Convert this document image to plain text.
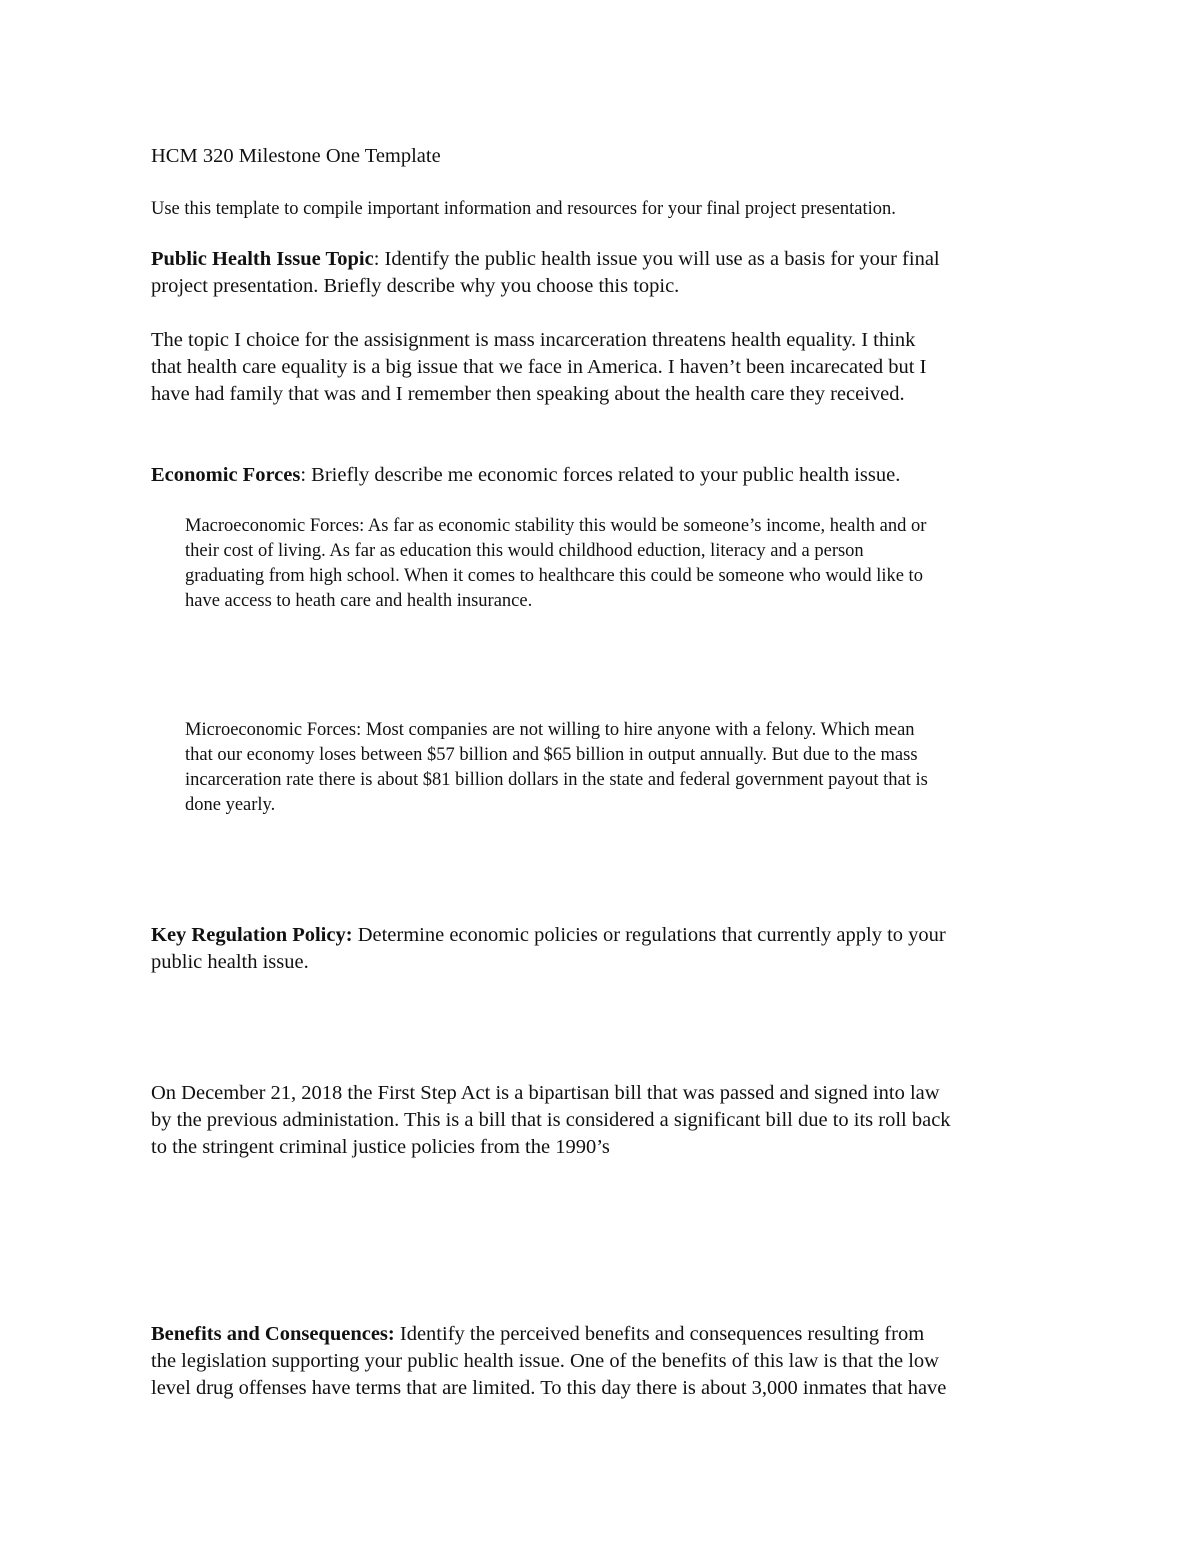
HCM 320 Milestone One Template

Use this template to compile important information and resources for your final project presentation.

Public Health Issue Topic: Identify the public health issue you will use as a basis for your final
project presentation. Briefly describe why you choose this topic.

The topic I choice for the assisignment is mass incarceration threatens health equality. I think
that health care equality is a big issue that we face in America. I haven’t been incarecated but I
have had family that was and I remember then speaking about the health care they received.

Economic Forces: Briefly describe me economic forces related to your public health issue.

Macroeconomic Forces: As far as economic stability this would be someone’s income, health and or
their cost of living. As far as education this would childhood eduction, literacy and a person
graduating from high school. When it comes to healthcare this could be someone who would like to
have access to heath care and health insurance.

Microeconomic Forces: Most companies are not willing to hire anyone with a felony. Which mean
that our economy loses between $57 billion and $65 billion in output annually. But due to the mass
incarceration rate there is about $81 billion dollars in the state and federal government payout that is
done yearly.

Key Regulation Policy: Determine economic policies or regulations that currently apply to your
public health issue.

On December 21, 2018 the First Step Act is a bipartisan bill that was passed and signed into law
by the previous administation. This is a bill that is considered a significant bill due to its roll back
to the stringent criminal justice policies from the 1990’s

Benefits and Consequences: Identify the perceived benefits and consequences resulting from
the legislation supporting your public health issue. One of the benefits of this law is that the low
level drug offenses have terms that are limited. To this day there is about 3,000 inmates that have
